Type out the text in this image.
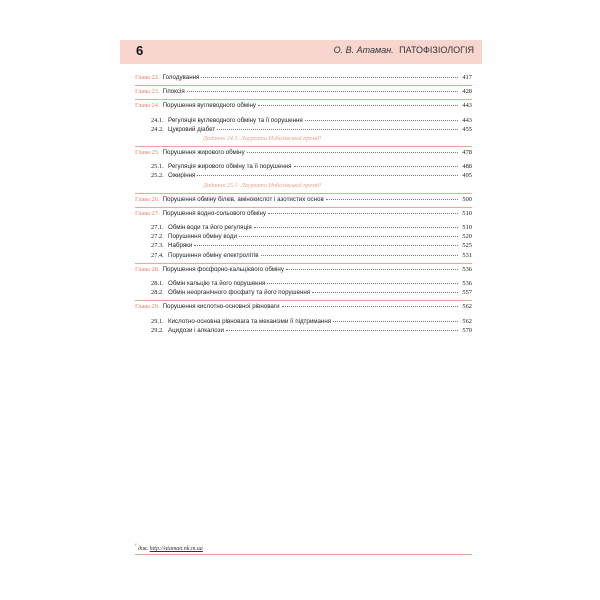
6	О. В. Атаман. ПАТОФІЗІОЛОГІЯ
Глава 22. Голодування	417
Глава 23. Гіпоксія	428
Глава 24. Порушення вуглеводного обміну	443
24.1. Регуляція вуглеводного обміну та її порушення	443
24.2. Цукровий діабет	455
Доданок 24.1. Лауреати Нобелівської премії¹
Глава 25. Порушення жирового обміну	478
25.1. Регуляція жирового обміну та її порушення	488
25.2. Ожиріння	495
Доданок 25.1. Лауреати Нобелівської премії¹
Глава 26. Порушення обміну білків, амінокислот і азотистих основ	500
Глава 27. Порушення водно-сольового обміну	510
27.1. Обмін води та його регуляція	510
27.2. Порушення обміну води	520
27.3. Набряки	525
27.4. Порушення обміну електролітів	531
Глава 28. Порушення фосфорно-кальцієвого обміну	536
28.1. Обмін кальцію та його порушення	536
28.2. Обмін неорганічного фосфату та його порушення	557
Глава 29. Порушення кислотно-основної рівноваги	562
29.1. Кислотно-основна рівновага та механізми її підтримання	562
29.2. Ацидози і алкалози	570
$^{^1}$ див. http://ataman.nk.m.ua
